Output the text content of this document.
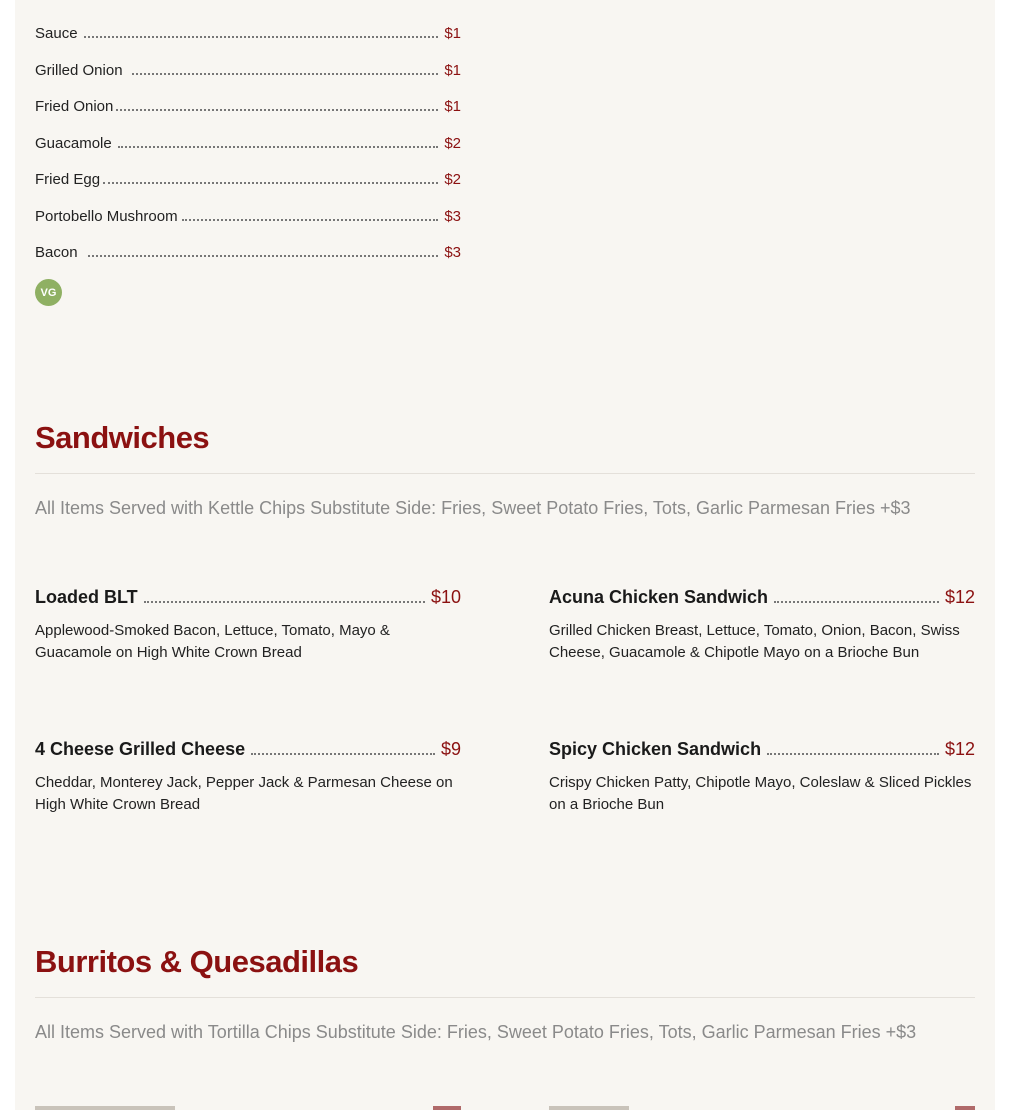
Sauce	$1
Grilled Onion	$1
Fried Onion	$1
Guacamole	$2
Fried Egg	$2
Portobello Mushroom	$3
Bacon	$3
VG
Sandwiches
All Items Served with Kettle Chips Substitute Side: Fries, Sweet Potato Fries, Tots, Garlic Parmesan Fries +$3
Loaded BLT	$10
Applewood-Smoked Bacon, Lettuce, Tomato, Mayo & Guacamole on High White Crown Bread
Acuna Chicken Sandwich	$12
Grilled Chicken Breast, Lettuce, Tomato, Onion, Bacon, Swiss Cheese, Guacamole & Chipotle Mayo on a Brioche Bun
4 Cheese Grilled Cheese	$9
Cheddar, Monterey Jack, Pepper Jack & Parmesan Cheese on High White Crown Bread
Spicy Chicken Sandwich	$12
Crispy Chicken Patty, Chipotle Mayo, Coleslaw & Sliced Pickles on a Brioche Bun
Burritos & Quesadillas
All Items Served with Tortilla Chips Substitute Side: Fries, Sweet Potato Fries, Tots, Garlic Parmesan Fries +$3
